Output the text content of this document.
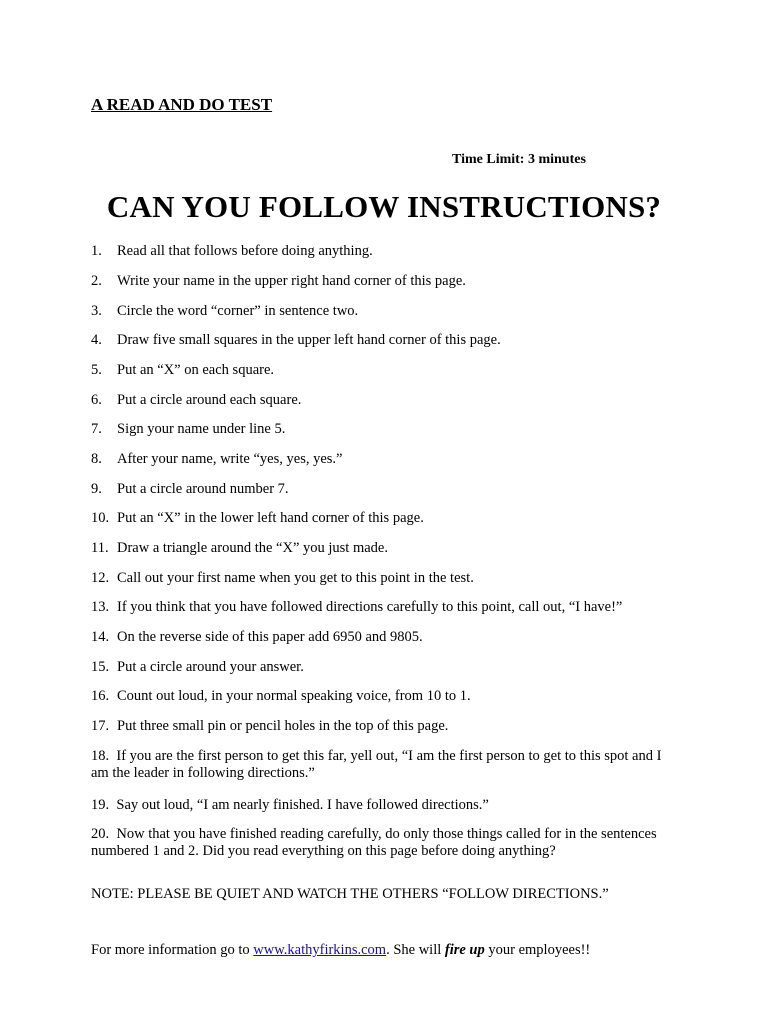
A READ AND DO TEST
Time Limit: 3 minutes
CAN YOU FOLLOW INSTRUCTIONS?
1.	Read all that follows before doing anything.
2.	Write your name in the upper right hand corner of this page.
3.	Circle the word “corner” in sentence two.
4.	Draw five small squares in the upper left hand corner of this page.
5.	Put an “X” on each square.
6.	Put a circle around each square.
7.	Sign your name under line 5.
8.	After your name, write “yes, yes, yes.”
9.	Put a circle around number 7.
10. Put an “X” in the lower left hand corner of this page.
11. Draw a triangle around the “X” you just made.
12. Call out your first name when you get to this point in the test.
13. If you think that you have followed directions carefully to this point, call out, “I have!”
14. On the reverse side of this paper add 6950 and 9805.
15. Put a circle around your answer.
16. Count out loud, in your normal speaking voice, from 10 to 1.
17. Put three small pin or pencil holes in the top of this page.
18. If you are the first person to get this far, yell out, “I am the first person to get to this spot and I am the leader in following directions.”
19. Say out loud, “I am nearly finished. I have followed directions.”
20. Now that you have finished reading carefully, do only those things called for in the sentences numbered 1 and 2. Did you read everything on this page before doing anything?
NOTE: PLEASE BE QUIET AND WATCH THE OTHERS “FOLLOW DIRECTIONS.”
For more information go to www.kathyfirkins.com. She will fire up your employees!!
